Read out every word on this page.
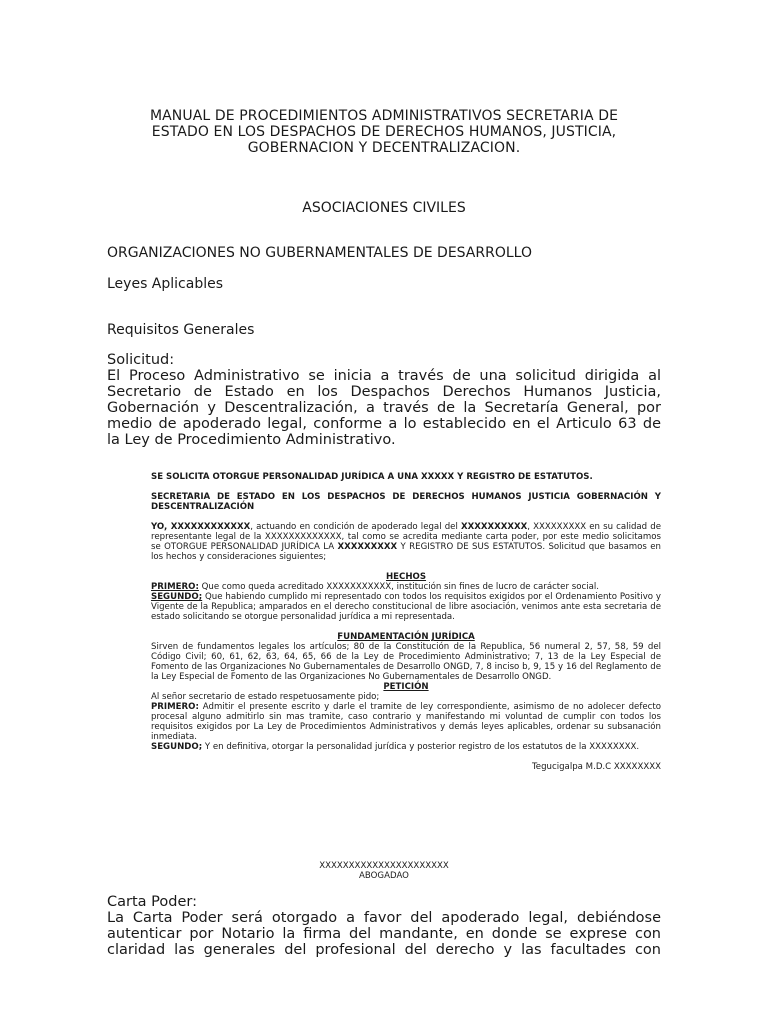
MANUAL DE PROCEDIMIENTOS ADMINISTRATIVOS SECRETARIA DE
ESTADO EN LOS DESPACHOS DE DERECHOS HUMANOS, JUSTICIA,
GOBERNACION Y DECENTRALIZACION.
ASOCIACIONES CIVILES
ORGANIZACIONES NO GUBERNAMENTALES DE DESARROLLO
Leyes Aplicables
Requisitos Generales
Solicitud:
El Proceso Administrativo se inicia a través de una solicitud dirigida al
Secretario de Estado en los Despachos Derechos Humanos Justicia,
Gobernación y Descentralización, a través de la Secretaría General, por
medio de apoderado legal, conforme a lo establecido en el Articulo 63 de
la Ley de Procedimiento Administrativo.
SE SOLICITA OTORGUE PERSONALIDAD JURÍDICA A UNA XXXXX Y REGISTRO DE ESTATUTOS.
SECRETARIA DE ESTADO EN LOS DESPACHOS DE DERECHOS HUMANOS JUSTICIA GOBERNACIÓN Y DESCENTRALIZACIÓN
YO, XXXXXXXXXXXX, actuando en condición de apoderado legal del XXXXXXXXXX, XXXXXXXXX en su calidad de representante legal de la XXXXXXXXXXXXX, tal como se acredita mediante carta poder, por este medio solicitamos se OTORGUE PERSONALIDAD JURÍDICA LA XXXXXXXXX Y REGISTRO DE SUS ESTATUTOS. Solicitud que basamos en los hechos y consideraciones siguientes;
HECHOS
PRIMERO: Que como queda acreditado XXXXXXXXXXX, institución sin fines de lucro de carácter social.
SEGUNDO; Que habiendo cumplido mi representado con todos los requisitos exigidos por el Ordenamiento Positivo y Vigente de la Republica; amparados en el derecho constitucional de libre asociación, venimos ante esta secretaria de estado solicitando se otorgue personalidad jurídica a mi representada.
FUNDAMENTACIÓN JURÍDICA
Sirven de fundamentos legales los artículos; 80 de la Constitución de la Republica, 56 numeral 2, 57, 58, 59 del Código Civil; 60, 61, 62, 63, 64, 65, 66 de la Ley de Procedimiento Administrativo; 7, 13 de la Ley Especial de Fomento de las Organizaciones No Gubernamentales de Desarrollo ONGD, 7, 8 inciso b, 9, 15 y 16 del Reglamento de la Ley Especial de Fomento de las Organizaciones No Gubernamentales de Desarrollo ONGD.
PETICIÓN
Al señor secretario de estado respetuosamente pido;
PRIMERO: Admitir el presente escrito y darle el tramite de ley correspondiente, asimismo de no adolecer defecto procesal alguno admitirlo sin mas tramite, caso contrario y manifestando mi voluntad de cumplir con todos los requisitos exigidos por La Ley de Procedimientos Administrativos y demás leyes aplicables, ordenar su subsanación inmediata.
SEGUNDO; Y en definitiva, otorgar la personalidad jurídica y posterior registro de los estatutos de la XXXXXXXX.
Tegucigalpa M.D.C XXXXXXXX
XXXXXXXXXXXXXXXXXXXXXX
ABOGADAO
Carta Poder:
La Carta Poder será otorgado a favor del apoderado legal, debiéndose
autenticar por Notario la firma del mandante, en donde se exprese con
claridad las generales del profesional del derecho y las facultades con
